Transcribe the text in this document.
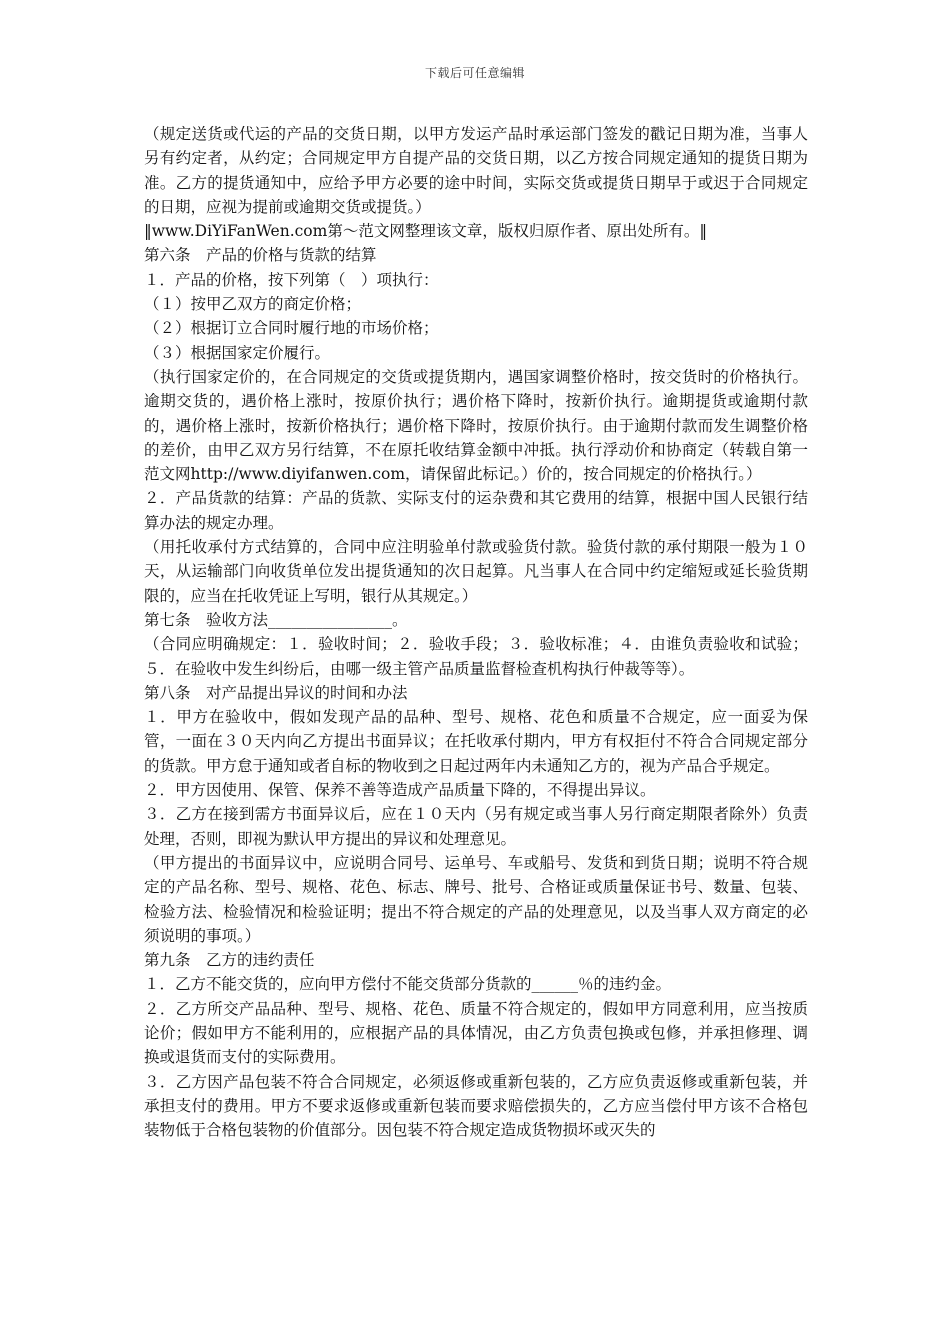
下载后可任意编辑

（规定送货或代运的产品的交货日期，以甲方发运产品时承运部门签发的戳记日期为准，当事人另有约定者，从约定；合同规定甲方自提产品的交货日期，以乙方按合同规定通知的提货日期为准。乙方的提货通知中，应给予甲方必要的途中时间，实际交货或提货日期早于或迟于合同规定的日期，应视为提前或逾期交货或提货。）

‖www.DiYiFanWen.com第～范文网整理该文章，版权归原作者、原出处所有。‖

第六条　产品的价格与货款的结算

１．产品的价格，按下列第（　）项执行：

（１）按甲乙双方的商定价格；

（２）根据订立合同时履行地的市场价格；

（３）根据国家定价履行。

（执行国家定价的，在合同规定的交货或提货期内，遇国家调整价格时，按交货时的价格执行。逾期交货的，遇价格上涨时，按原价执行；遇价格下降时，按新价执行。逾期提货或逾期付款的，遇价格上涨时，按新价格执行；遇价格下降时，按原价执行。由于逾期付款而发生调整价格的差价，由甲乙双方另行结算，不在原托收结算金额中冲抵。执行浮动价和协商定（转载自第一范文网http://www.diyifanwen.com，请保留此标记。）价的，按合同规定的价格执行。）

２．产品货款的结算：产品的货款、实际支付的运杂费和其它费用的结算，根据中国人民银行结算办法的规定办理。

（用托收承付方式结算的，合同中应注明验单付款或验货付款。验货付款的承付期限一般为１０天，从运输部门向收货单位发出提货通知的次日起算。凡当事人在合同中约定缩短或延长验货期限的，应当在托收凭证上写明，银行从其规定。）

第七条　验收方法________________。

（合同应明确规定：１．验收时间；２．验收手段；３．验收标准；４．由谁负责验收和试验；５．在验收中发生纠纷后，由哪一级主管产品质量监督检查机构执行仲裁等等）。

第八条　对产品提出异议的时间和办法

１．甲方在验收中，假如发现产品的品种、型号、规格、花色和质量不合规定，应一面妥为保管，一面在３０天内向乙方提出书面异议；在托收承付期内，甲方有权拒付不符合合同规定部分的货款。甲方怠于通知或者自标的物收到之日起过两年内未通知乙方的，视为产品合乎规定。

２．甲方因使用、保管、保养不善等造成产品质量下降的，不得提出异议。

３．乙方在接到需方书面异议后，应在１０天内（另有规定或当事人另行商定期限者除外）负责处理，否则，即视为默认甲方提出的异议和处理意见。

（甲方提出的书面异议中，应说明合同号、运单号、车或船号、发货和到货日期；说明不符合规定的产品名称、型号、规格、花色、标志、牌号、批号、合格证或质量保证书号、数量、包装、检验方法、检验情况和检验证明；提出不符合规定的产品的处理意见，以及当事人双方商定的必须说明的事项。）

第九条　乙方的违约责任

１．乙方不能交货的，应向甲方偿付不能交货部分货款的______％的违约金。

２．乙方所交产品品种、型号、规格、花色、质量不符合规定的，假如甲方同意利用，应当按质论价；假如甲方不能利用的，应根据产品的具体情况，由乙方负责包换或包修，并承担修理、调换或退货而支付的实际费用。

３．乙方因产品包装不符合合同规定，必须返修或重新包装的，乙方应负责返修或重新包装，并承担支付的费用。甲方不要求返修或重新包装而要求赔偿损失的，乙方应当偿付甲方该不合格包装物低于合格包装物的价值部分。因包装不符合规定造成货物损坏或灭失的
